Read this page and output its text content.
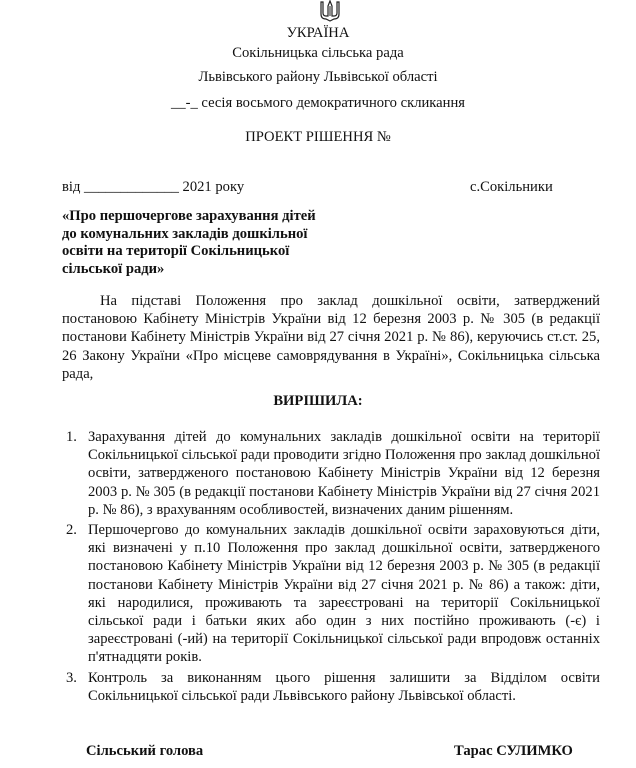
УКРАЇНА
Сокільницька сільська рада
Львівського району Львівської області
__-_ сесія восьмого демократичного скликання
ПРОЕКТ РІШЕННЯ №
від _____________ 2021 року	с.Сокільники
«Про першочергове зарахування дітей до комунальних закладів дошкільної освіти на території Сокільницької сільської ради»
На підставі Положення про заклад дошкільної освіти, затверджений постановою Кабінету Міністрів України від 12 березня 2003 р. № 305 (в редакції постанови Кабінету Міністрів України від 27 січня 2021 р. № 86), керуючись ст.ст. 25, 26 Закону України «Про місцеве самоврядування в Україні», Сокільницька сільська рада,
ВИРІШИЛА:
1. Зарахування дітей до комунальних закладів дошкільної освіти на території Сокільницької сільської ради проводити згідно Положення про заклад дошкільної освіти, затвердженого постановою Кабінету Міністрів України від 12 березня 2003 р. № 305 (в редакції постанови Кабінету Міністрів України від 27 січня 2021 р. № 86), з врахуванням особливостей, визначених даним рішенням.
2. Першочергово до комунальних закладів дошкільної освіти зараховуються діти, які визначені у п.10 Положення про заклад дошкільної освіти, затвердженого постановою Кабінету Міністрів України від 12 березня 2003 р. № 305 (в редакції постанови Кабінету Міністрів України від 27 січня 2021 р. № 86) а також: діти, які народилися, проживають та зареєстровані на території Сокільницької сільської ради і батьки яких або один з них постійно проживають (-є) і зареєстровані (-ий) на території Сокільницької сільської ради впродовж останніх п'ятнадцяти років.
3. Контроль за виконанням цього рішення залишити за Відділом освіти Сокільницької сільської ради Львівського району Львівської області.
Сільський голова	Тарас СУЛИМКО
